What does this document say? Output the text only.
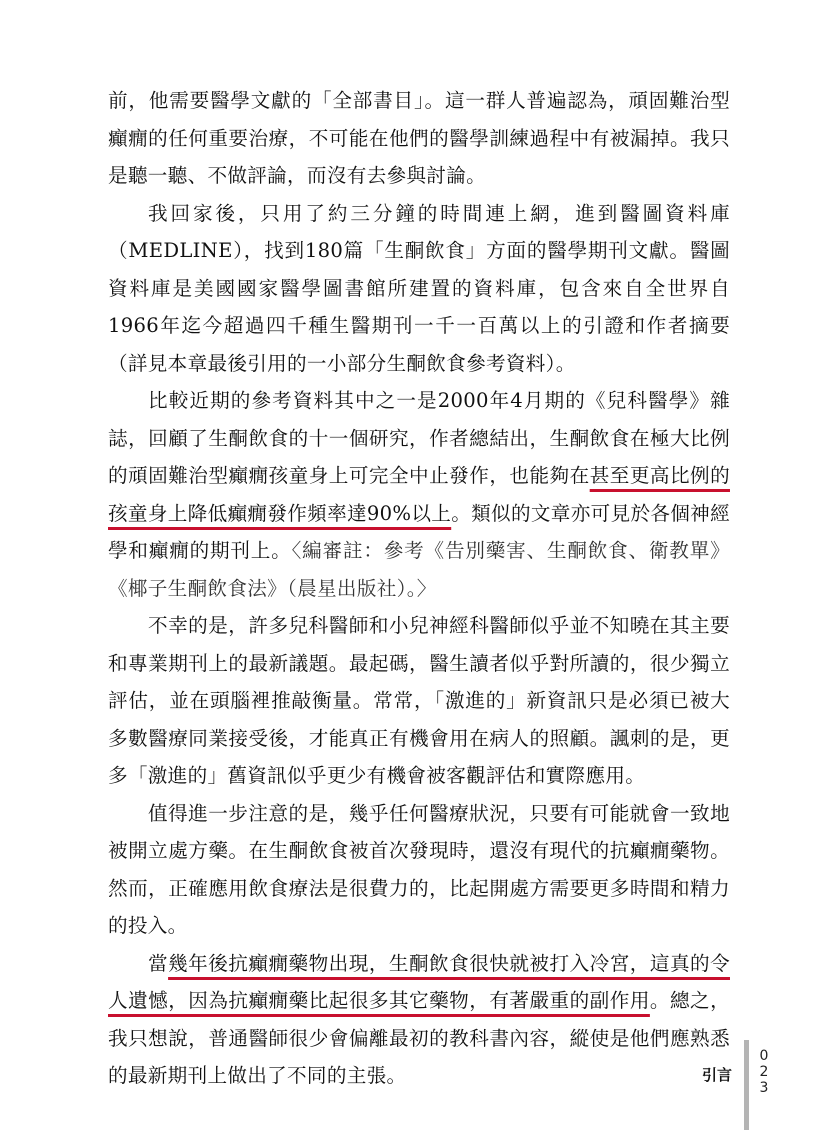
前，他需要醫學文獻的「全部書目」。這一群人普遍認為，頑固難治型癲癇的任何重要治療，不可能在他們的醫學訓練過程中有被漏掉。我只是聽一聽、不做評論，而沒有去參與討論。

我回家後，只用了約三分鐘的時間連上網，進到醫圖資料庫（MEDLINE），找到180篇「生酮飲食」方面的醫學期刊文獻。醫圖資料庫是美國國家醫學圖書館所建置的資料庫，包含來自全世界自1966年迄今超過四千種生醫期刊一千一百萬以上的引證和作者摘要（詳見本章最後引用的一小部分生酮飲食參考資料）。

比較近期的參考資料其中之一是2000年4月期的《兒科醫學》雜誌，回顧了生酮飲食的十一個研究，作者總結出，生酮飲食在極大比例的頑固難治型癲癇孩童身上可完全中止發作，也能夠在甚至更高比例的孩童身上降低癲癇發作頻率達90%以上。類似的文章亦可見於各個神經學和癲癇的期刊上。〈編審註：參考《告別藥害、生酮飲食、衛教單》《椰子生酮飲食法》（晨星出版社）。〉

不幸的是，許多兒科醫師和小兒神經科醫師似乎並不知曉在其主要和專業期刊上的最新議題。最起碼，醫生讀者似乎對所讀的，很少獨立評估，並在頭腦裡推敲衡量。常常，「激進的」新資訊只是必須已被大多數醫療同業接受後，才能真正有機會用在病人的照顧。諷刺的是，更多「激進的」舊資訊似乎更少有機會被客觀評估和實際應用。

值得進一步注意的是，幾乎任何醫療狀況，只要有可能就會一致地被開立處方藥。在生酮飲食被首次發現時，還沒有現代的抗癲癇藥物。然而，正確應用飲食療法是很費力的，比起開處方需要更多時間和精力的投入。

當幾年後抗癲癇藥物出現，生酮飲食很快就被打入冷宮，這真的令人遺憾，因為抗癲癇藥比起很多其它藥物，有著嚴重的副作用。總之，我只想說，普通醫師很少會偏離最初的教科書內容，縱使是他們應熟悉的最新期刊上做出了不同的主張。	引言
023
